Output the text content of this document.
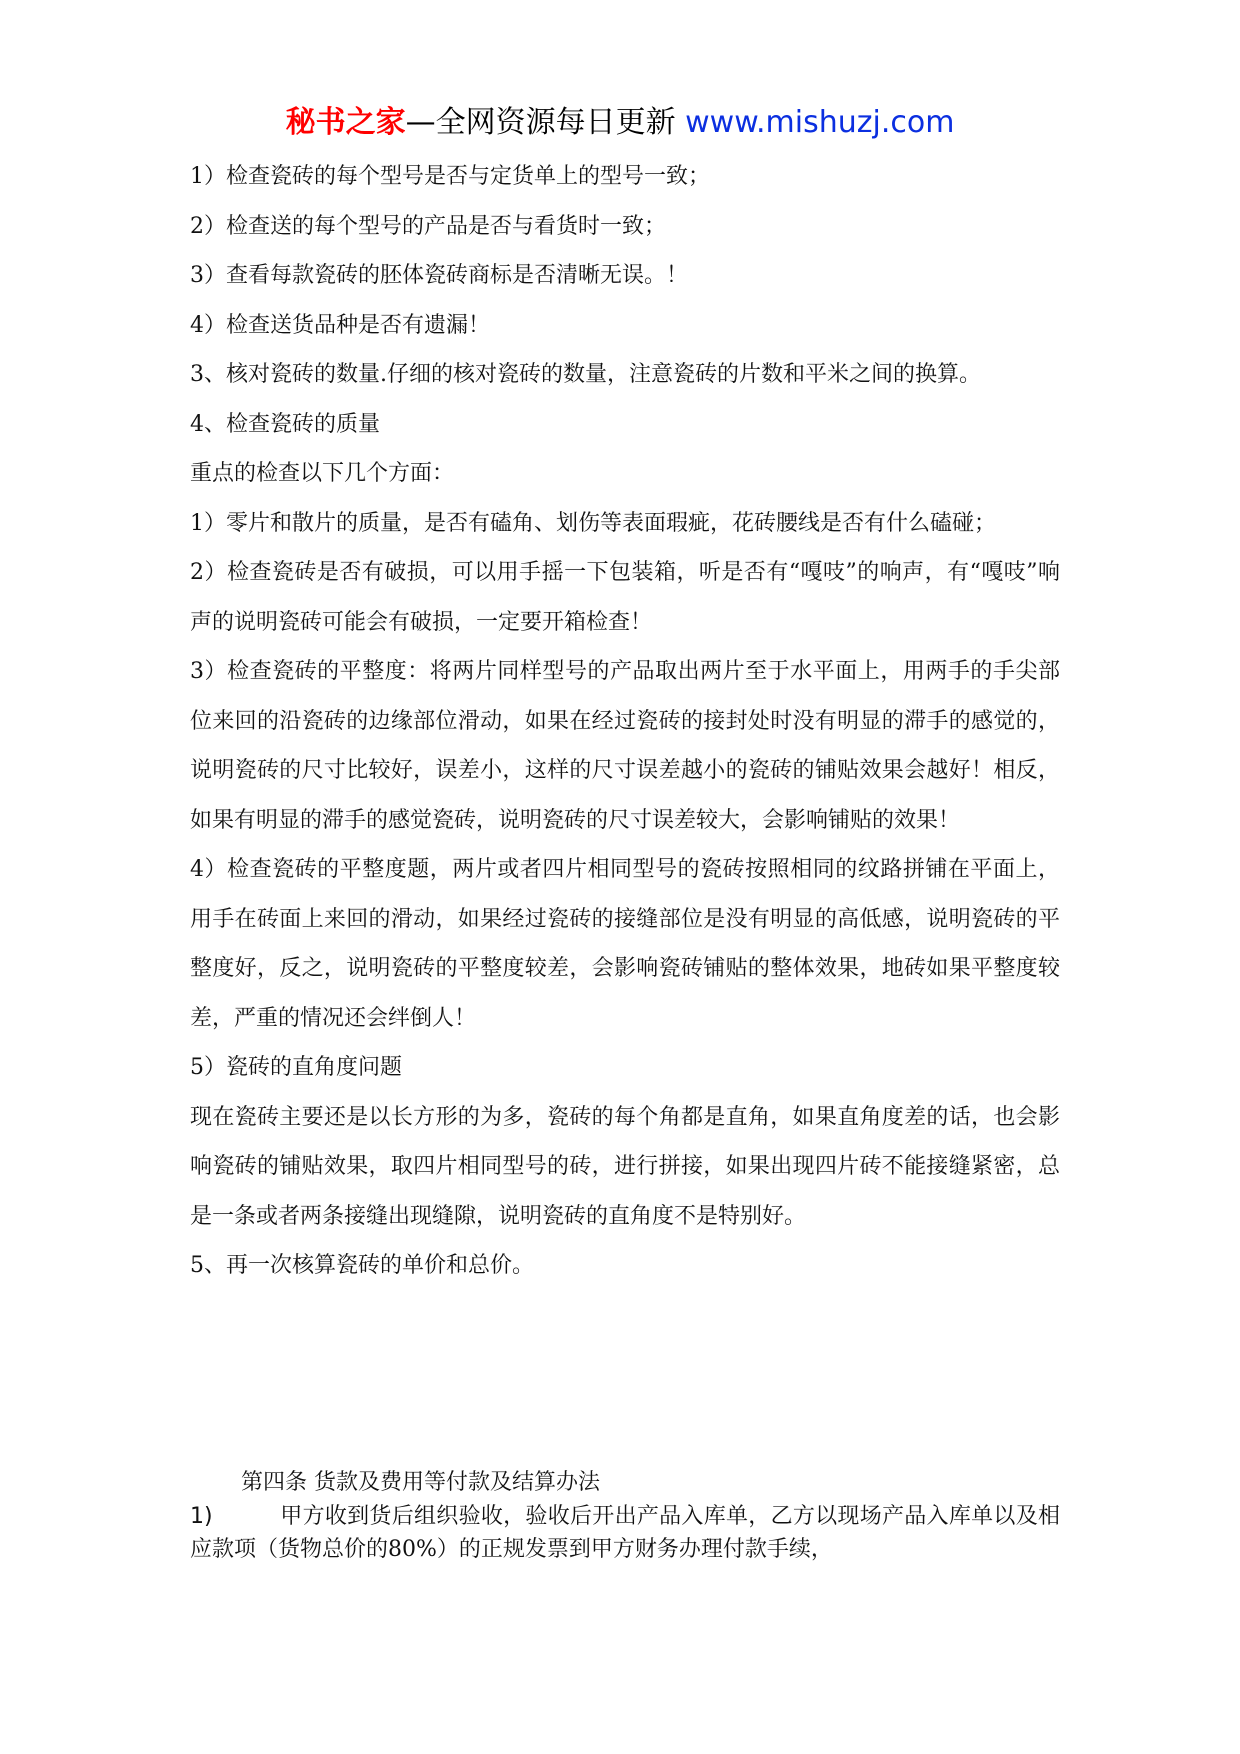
秘书之家—全网资源每日更新 www.mishuzj.com

1）检查瓷砖的每个型号是否与定货单上的型号一致；

2）检查送的每个型号的产品是否与看货时一致；

3）查看每款瓷砖的胚体瓷砖商标是否清晰无误。！

4）检查送货品种是否有遗漏！

3、核对瓷砖的数量.仔细的核对瓷砖的数量，注意瓷砖的片数和平米之间的换算。

4、检查瓷砖的质量

重点的检查以下几个方面：

1）零片和散片的质量，是否有磕角、划伤等表面瑕疵，花砖腰线是否有什么磕碰；

2）检查瓷砖是否有破损，可以用手摇一下包装箱，听是否有“嘎吱”的响声，有“嘎吱”响声的说明瓷砖可能会有破损，一定要开箱检查！

3）检查瓷砖的平整度：将两片同样型号的产品取出两片至于水平面上，用两手的手尖部位来回的沿瓷砖的边缘部位滑动，如果在经过瓷砖的接封处时没有明显的滞手的感觉的，说明瓷砖的尺寸比较好，误差小，这样的尺寸误差越小的瓷砖的铺贴效果会越好！相反，如果有明显的滞手的感觉瓷砖，说明瓷砖的尺寸误差较大，会影响铺贴的效果！

4）检查瓷砖的平整度题，两片或者四片相同型号的瓷砖按照相同的纹路拼铺在平面上，用手在砖面上来回的滑动，如果经过瓷砖的接缝部位是没有明显的高低感，说明瓷砖的平整度好，反之，说明瓷砖的平整度较差，会影响瓷砖铺贴的整体效果，地砖如果平整度较差，严重的情况还会绊倒人！

5）瓷砖的直角度问题

现在瓷砖主要还是以长方形的为多，瓷砖的每个角都是直角，如果直角度差的话，也会影响瓷砖的铺贴效果，取四片相同型号的砖，进行拼接，如果出现四片砖不能接缝紧密，总是一条或者两条接缝出现缝隙，说明瓷砖的直角度不是特别好。

5、再一次核算瓷砖的单价和总价。

第四条 货款及费用等付款及结算办法

1)	甲方收到货后组织验收，验收后开出产品入库单，乙方以现场产品入库单以及相应款项（货物总价的80%）的正规发票到甲方财务办理付款手续，
